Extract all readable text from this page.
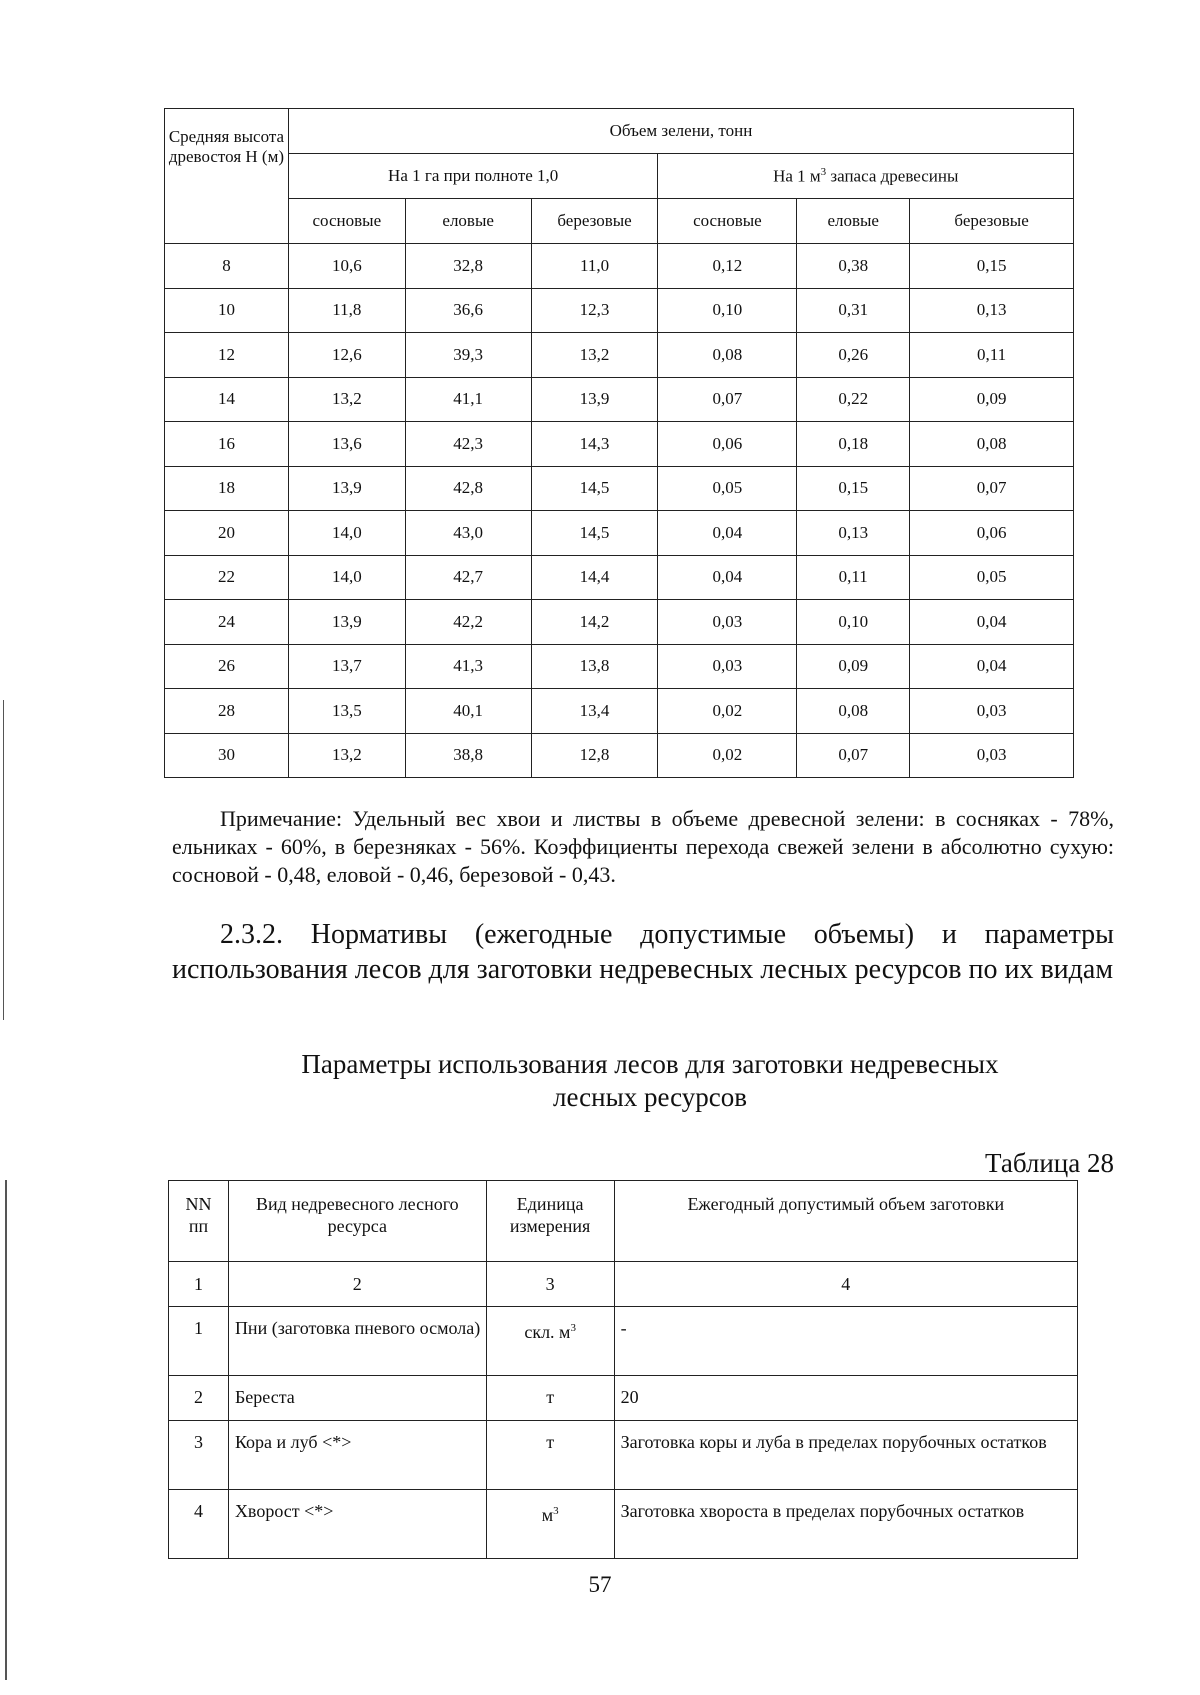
Средняя высота древостоя Н (м)	Объем зелени, тонн					
	На 1 га при полноте 1,0			На 1 $м^3$ запаса древесины		
	сосновые	еловые	березовые	сосновые	еловые	березовые
8	10,6	32,8	11,0	0,12	0,38	0,15
10	11,8	36,6	12,3	0,10	0,31	0,13
12	12,6	39,3	13,2	0,08	0,26	0,11
14	13,2	41,1	13,9	0,07	0,22	0,09
16	13,6	42,3	14,3	0,06	0,18	0,08
18	13,9	42,8	14,5	0,05	0,15	0,07
20	14,0	43,0	14,5	0,04	0,13	0,06
22	14,0	42,7	14,4	0,04	0,11	0,05
24	13,9	42,2	14,2	0,03	0,10	0,04
26	13,7	41,3	13,8	0,03	0,09	0,04
28	13,5	40,1	13,4	0,02	0,08	0,03
30	13,2	38,8	12,8	0,02	0,07	0,03

Примечание: Удельный вес хвои и листвы в объеме древесной зелени: в сосняках - 78%, ельниках - 60%, в березняках - 56%. Коэффициенты перехода свежей зелени в абсолютно сухую: сосновой - 0,48, еловой - 0,46, березовой - 0,43.

2.3.2. Нормативы (ежегодные допустимые объемы) и параметры использования лесов для заготовки недревесных лесных ресурсов по их видам

Параметры использования лесов для заготовки недревесных
лесных ресурсов

Таблица 28

NN
пп	Вид недревесного лесного ресурса	Единица измерения	Ежегодный допустимый объем заготовки
1	2	3	4
1	Пни (заготовка пневого осмола)	скл. $м^3$	-
2	Береста	т	20
3	Кора и луб <*>	т	Заготовка коры и луба в пределах порубочных остатков
4	Хворост <*>	$м^3$	Заготовка хвороста в пределах порубочных остатков

57
